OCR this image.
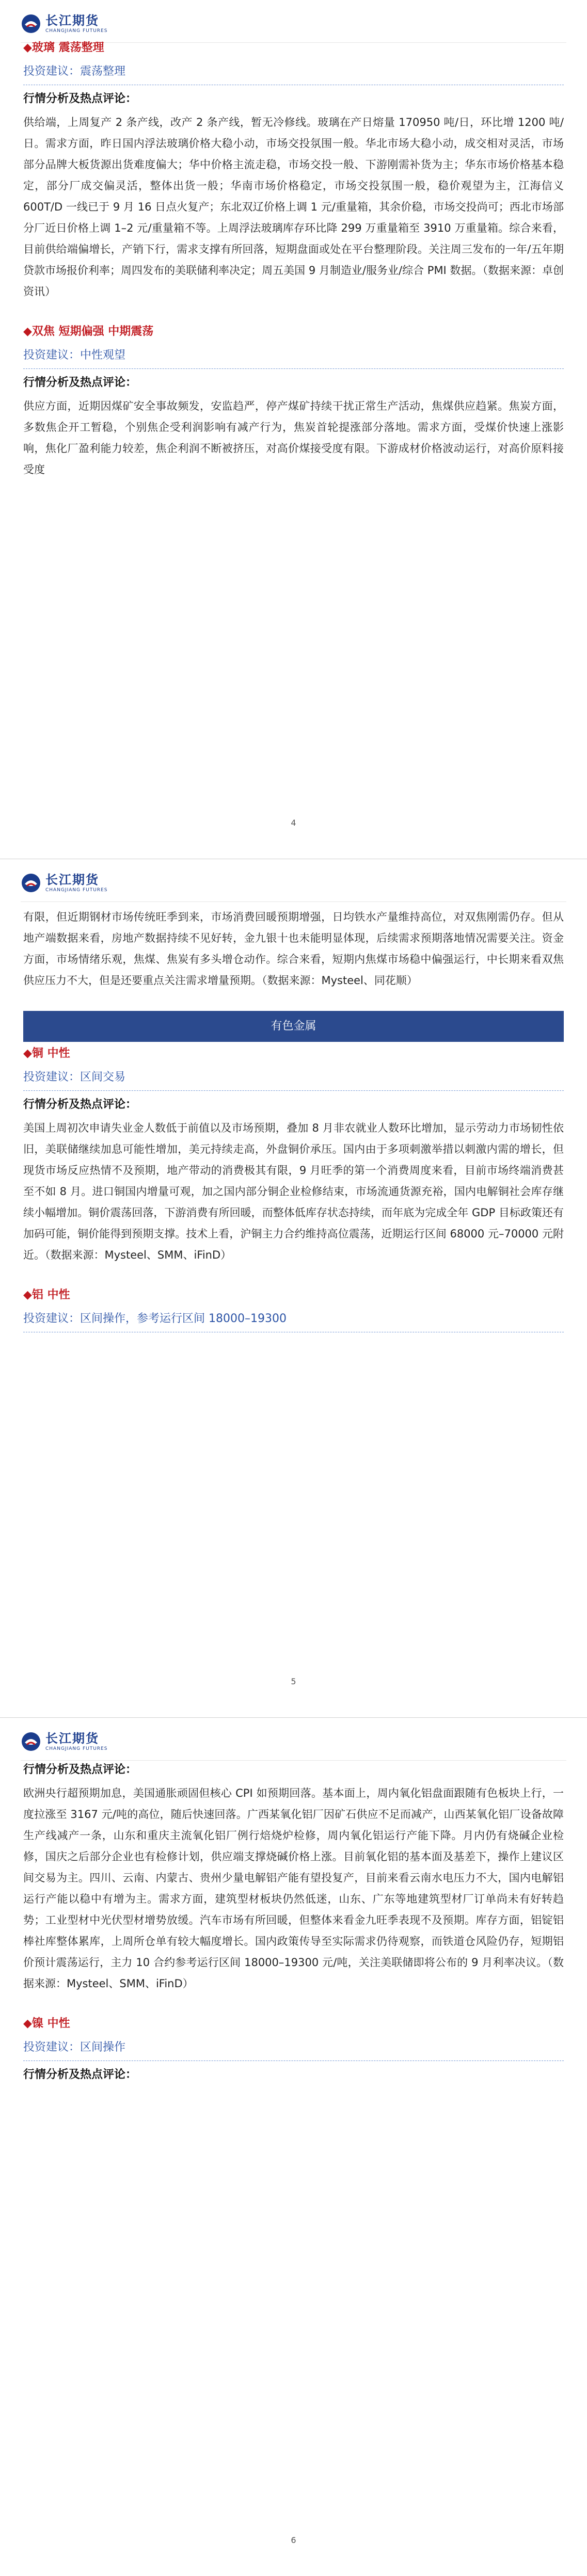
长江期货
CHANGJIANG FUTURES
◆玻璃 震荡整理
投资建议：震荡整理
行情分析及热点评论：

供给端，上周复产 2 条产线，改产 2 条产线，暂无冷修线。玻璃在产日熔量 170950 吨/日，环比增 1200 吨/日。需求方面，昨日国内浮法玻璃价格大稳小动，市场交投氛围一般。华北市场大稳小动，成交相对灵活，市场部分品牌大板货源出货难度偏大；华中价格主流走稳，市场交投一般、下游刚需补货为主；华东市场价格基本稳定，部分厂成交偏灵活，整体出货一般；华南市场价格稳定，市场交投氛围一般，稳价观望为主，江海信义 600T/D 一线已于 9 月 16 日点火复产；东北双辽价格上调 1 元/重量箱，其余价稳，市场交投尚可；西北市场部分厂近日价格上调 1–2 元/重量箱不等。上周浮法玻璃库存环比降 299 万重量箱至 3910 万重量箱。综合来看，目前供给端偏增长，产销下行，需求支撑有所回落，短期盘面或处在平台整理阶段。关注周三发布的一年/五年期贷款市场报价利率；周四发布的美联储利率决定；周五美国 9 月制造业/服务业/综合 PMI 数据。（数据来源：卓创资讯）

◆双焦 短期偏强 中期震荡
投资建议：中性观望
行情分析及热点评论：

供应方面，近期因煤矿安全事故频发，安监趋严，停产煤矿持续干扰正常生产活动，焦煤供应趋紧。焦炭方面，多数焦企开工暂稳，个别焦企受利润影响有减产行为，焦炭首轮提涨部分落地。需求方面，受煤价快速上涨影响，焦化厂盈利能力较差，焦企利润不断被挤压，对高价煤接受度有限。下游成材价格波动运行，对高价原料接受度

4
长江期货
CHANGJIANG FUTURES

有限，但近期钢材市场传统旺季到来，市场消费回暖预期增强，日均铁水产量维持高位，对双焦刚需仍存。但从地产端数据来看，房地产数据持续不见好转，金九银十也未能明显体现，后续需求预期落地情况需要关注。资金方面，市场情绪乐观，焦煤、焦炭有多头增仓动作。综合来看，短期内焦煤市场稳中偏强运行，中长期来看双焦供应压力不大，但是还要重点关注需求增量预期。（数据来源：Mysteel、同花顺）

有色金属
◆铜 中性
投资建议：区间交易
行情分析及热点评论：

美国上周初次申请失业金人数低于前值以及市场预期，叠加 8 月非农就业人数环比增加，显示劳动力市场韧性依旧，美联储继续加息可能性增加，美元持续走高，外盘铜价承压。国内由于多项刺激举措以刺激内需的增长，但现货市场反应热情不及预期，地产带动的消费极其有限，9 月旺季的第一个消费周度来看，目前市场终端消费甚至不如 8 月。进口铜国内增量可观，加之国内部分铜企业检修结束，市场流通货源充裕，国内电解铜社会库存继续小幅增加。铜价震荡回落，下游消费有所回暖，而整体低库存状态持续，而年底为完成全年 GDP 目标政策还有加码可能，铜价能得到预期支撑。技术上看，沪铜主力合约维持高位震荡，近期运行区间 68000 元–70000 元附近。（数据来源：Mysteel、SMM、iFinD）

◆铝 中性
投资建议：区间操作，参考运行区间 18000–19300
5
长江期货
CHANGJIANG FUTURES
行情分析及热点评论：

欧洲央行超预期加息，美国通胀顽固但核心 CPI 如预期回落。基本面上，周内氧化铝盘面跟随有色板块上行，一度拉涨至 3167 元/吨的高位，随后快速回落。广西某氧化铝厂因矿石供应不足而减产，山西某氧化铝厂设备故障生产线减产一条，山东和重庆主流氧化铝厂例行焙烧炉检修，周内氧化铝运行产能下降。月内仍有烧碱企业检修，国庆之后部分企业也有检修计划，供应端支撑烧碱价格上涨。目前氧化铝的基本面及基差下，操作上建议区间交易为主。四川、云南、内蒙古、贵州少量电解铝产能有望投复产，目前来看云南水电压力不大，国内电解铝运行产能以稳中有增为主。需求方面，建筑型材板块仍然低迷，山东、广东等地建筑型材厂订单尚未有好转趋势；工业型材中光伏型材增势放缓。汽车市场有所回暖，但整体来看金九旺季表现不及预期。库存方面，铝锭铝棒社库整体累库，上周所仓单有较大幅度增长。国内政策传导至实际需求仍待观察，而铁道仓风险仍存，短期铝价预计震荡运行，主力 10 合约参考运行区间 18000–19300 元/吨，关注美联储即将公布的 9 月利率决议。（数据来源：Mysteel、SMM、iFinD）

◆镍 中性
投资建议：区间操作
行情分析及热点评论：
6
